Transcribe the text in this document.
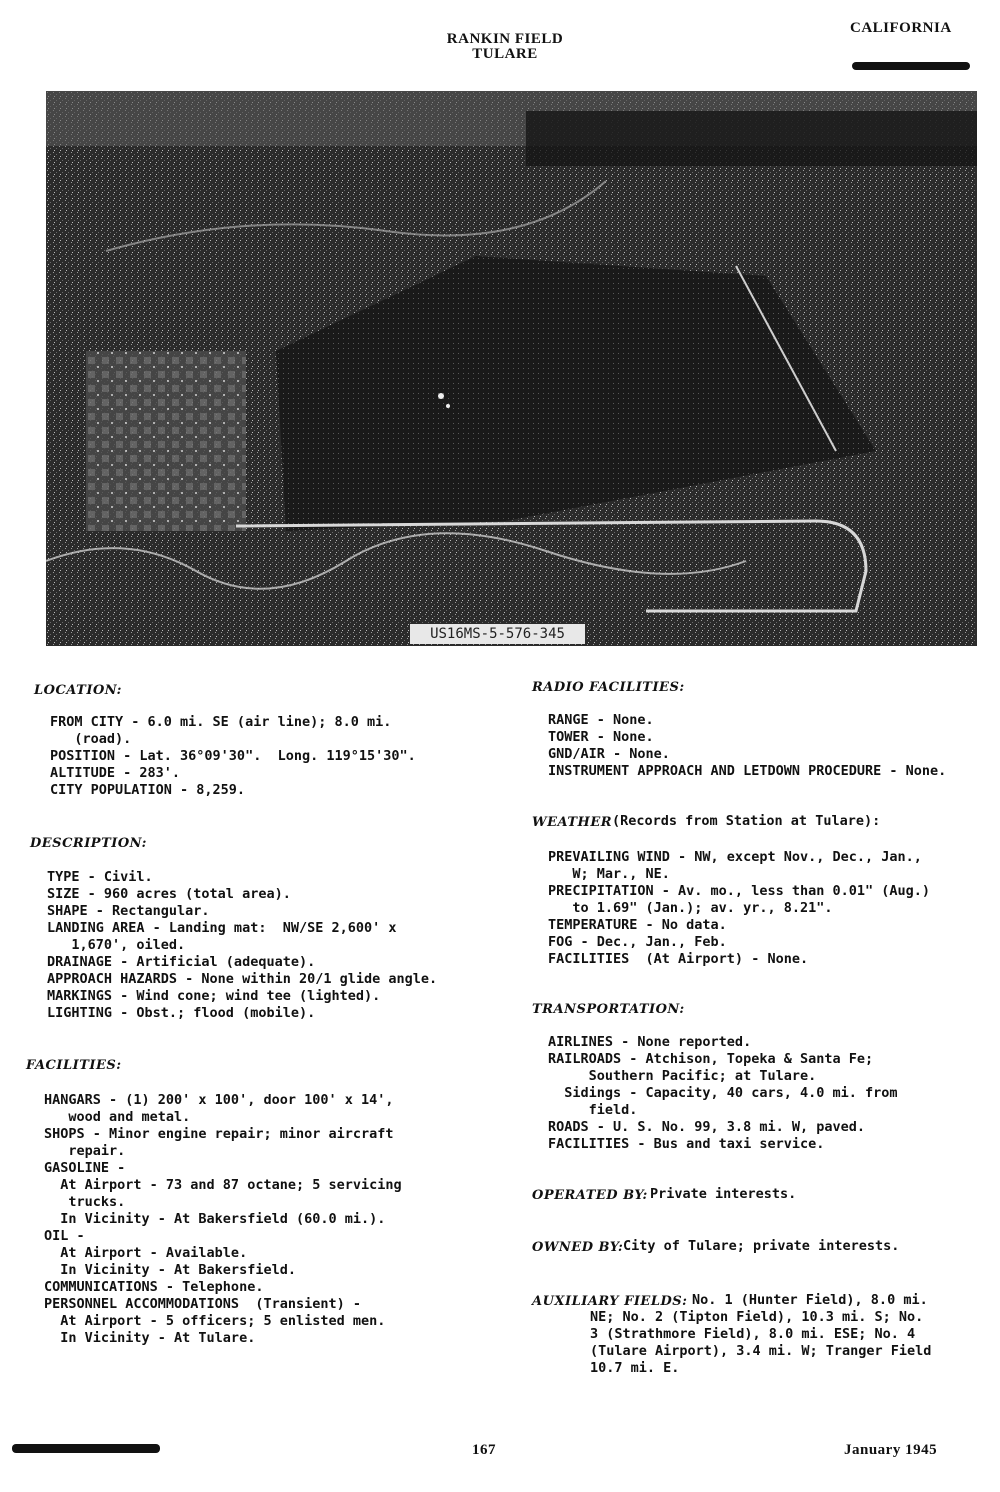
RANKIN FIELD
TULARE
CALIFORNIA
US16MS-5-576-345
LOCATION:
FROM CITY - 6.0 mi. SE (air line); 8.0 mi.
(road).
POSITION - Lat. 36°09'30".  Long. 119°15'30".
ALTITUDE - 283'.
CITY POPULATION - 8,259.
DESCRIPTION:
TYPE - Civil.
SIZE - 960 acres (total area).
SHAPE - Rectangular.
LANDING AREA - Landing mat:  NW/SE 2,600' x
1,670', oiled.
DRAINAGE - Artificial (adequate).
APPROACH HAZARDS - None within 20/1 glide angle.
MARKINGS - Wind cone; wind tee (lighted).
LIGHTING - Obst.; flood (mobile).
FACILITIES:
HANGARS - (1) 200' x 100', door 100' x 14',
wood and metal.
SHOPS - Minor engine repair; minor aircraft
repair.
GASOLINE -
At Airport - 73 and 87 octane; 5 servicing
trucks.
In Vicinity - At Bakersfield (60.0 mi.).
OIL -
At Airport - Available.
In Vicinity - At Bakersfield.
COMMUNICATIONS - Telephone.
PERSONNEL ACCOMMODATIONS  (Transient) -
At Airport - 5 officers; 5 enlisted men.
In Vicinity - At Tulare.
RADIO FACILITIES:
RANGE - None.
TOWER - None.
GND/AIR - None.
INSTRUMENT APPROACH AND LETDOWN PROCEDURE - None.
WEATHER (Records from Station at Tulare):
PREVAILING WIND - NW, except Nov., Dec., Jan.,
W; Mar., NE.
PRECIPITATION - Av. mo., less than 0.01" (Aug.)
to 1.69" (Jan.); av. yr., 8.21".
TEMPERATURE - No data.
FOG - Dec., Jan., Feb.
FACILITIES  (At Airport) - None.
TRANSPORTATION:
AIRLINES - None reported.
RAILROADS - Atchison, Topeka & Santa Fe;
Southern Pacific; at Tulare.
Sidings - Capacity, 40 cars, 4.0 mi. from
field.
ROADS - U. S. No. 99, 3.8 mi. W, paved.
FACILITIES - Bus and taxi service.
OPERATED BY: Private interests.
OWNED BY: City of Tulare; private interests.
AUXILIARY FIELDS: No. 1 (Hunter Field), 8.0 mi.
NE; No. 2 (Tipton Field), 10.3 mi. S; No.
3 (Strathmore Field), 8.0 mi. ESE; No. 4
(Tulare Airport), 3.4 mi. W; Tranger Field
10.7 mi. E.
167	January 1945
